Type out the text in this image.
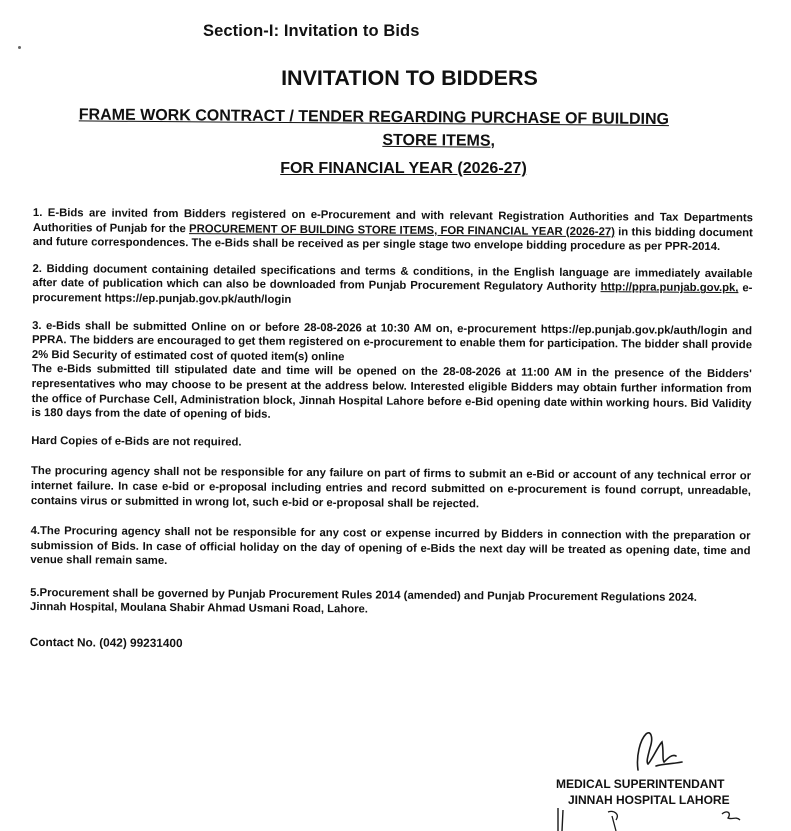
Section-I: Invitation to Bids
INVITATION TO BIDDERS
FRAME WORK CONTRACT / TENDER REGARDING PURCHASE OF BUILDING
STORE ITEMS,
FOR FINANCIAL YEAR (2026-27)

1. E-Bids are invited from Bidders registered on e-Procurement and with relevant Registration Authorities and Tax Departments Authorities of Punjab for the PROCUREMENT OF BUILDING STORE ITEMS, FOR FINANCIAL YEAR (2026-27) in this bidding document and future correspondences. The e-Bids shall be received as per single stage two envelope bidding procedure as per PPR-2014.

2. Bidding document containing detailed specifications and terms & conditions, in the English language are immediately available after date of publication which can also be downloaded from Punjab Procurement Regulatory Authority http://ppra.punjab.gov.pk, e-procurement https://ep.punjab.gov.pk/auth/login

3. e-Bids shall be submitted Online on or before 28-08-2026 at 10:30 AM on, e-procurement https://ep.punjab.gov.pk/auth/login and PPRA. The bidders are encouraged to get them registered on e-procurement to enable them for participation. The bidder shall provide 2% Bid Security of estimated cost of quoted item(s) online

The e-Bids submitted till stipulated date and time will be opened on the 28-08-2026 at 11:00 AM in the presence of the Bidders' representatives who may choose to be present at the address below. Interested eligible Bidders may obtain further information from the office of Purchase Cell, Administration block, Jinnah Hospital Lahore before e-Bid opening date within working hours. Bid Validity is 180 days from the date of opening of bids.

Hard Copies of e-Bids are not required.

The procuring agency shall not be responsible for any failure on part of firms to submit an e-Bid or account of any technical error or internet failure. In case e-bid or e-proposal including entries and record submitted on e-procurement is found corrupt, unreadable, contains virus or submitted in wrong lot, such e-bid or e-proposal shall be rejected.

4.The Procuring agency shall not be responsible for any cost or expense incurred by Bidders in connection with the preparation or submission of Bids. In case of official holiday on the day of opening of e-Bids the next day will be treated as opening date, time and venue shall remain same.

5.Procurement shall be governed by Punjab Procurement Rules 2014 (amended) and Punjab Procurement Regulations 2024.

Jinnah Hospital, Moulana Shabir Ahmad Usmani Road, Lahore.

Contact No. (042) 99231400

MEDICAL SUPERINTENDANT
JINNAH HOSPITAL LAHORE
